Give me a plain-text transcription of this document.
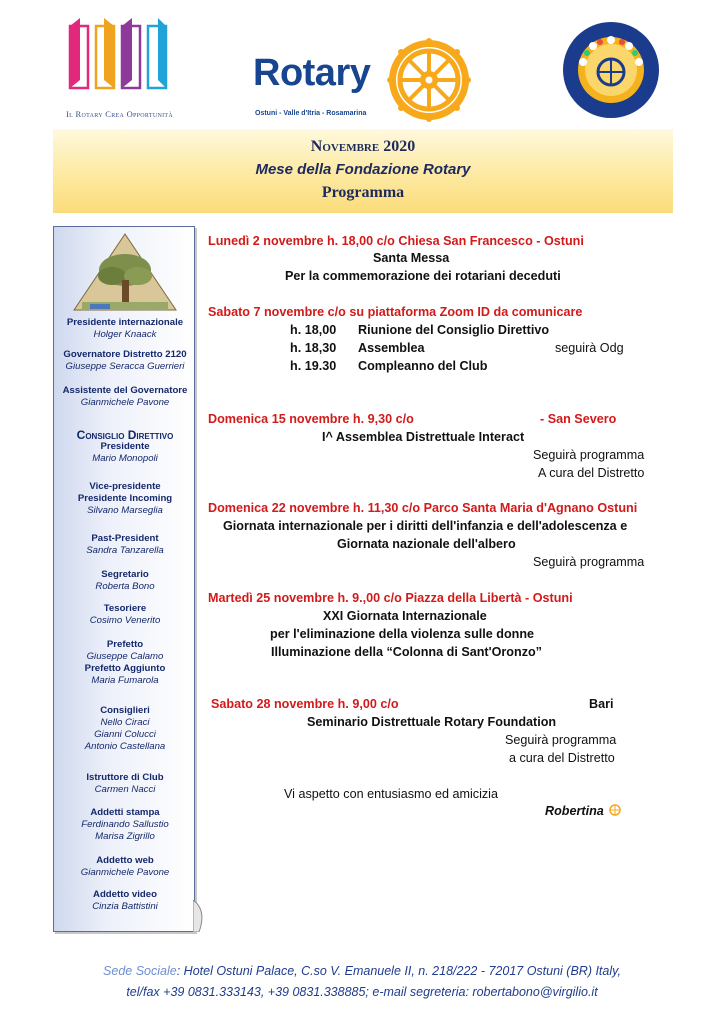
Il Rotary Crea Opportunità
Rotary
Ostuni - Valle d'Itria - Rosamarina
Novembre 2020
Mese della Fondazione Rotary
Programma
Presidente internazionale
Holger Knaack
Governatore Distretto 2120
Giuseppe Seracca Guerrieri
Assistente del Governatore
Gianmichele Pavone
Consiglio Direttivo
Presidente
Mario Monopoli
Vice-presidente
Presidente Incoming
Silvano Marseglia
Past-President
Sandra Tanzarella
Segretario
Roberta Bono
Tesoriere
Cosimo Venerito
Prefetto
Giuseppe Calamo
Prefetto Aggiunto
Maria Fumarola
Consiglieri
Nello Ciraci
Gianni Colucci
Antonio Castellana
Istruttore di Club
Carmen Nacci
Addetti stampa
Ferdinando Sallustio
Marisa Zigrillo
Addetto web
Gianmichele Pavone
Addetto video
Cinzia Battistini
Lunedì 2 novembre h. 18,00 c/o Chiesa San Francesco - Ostuni
Santa Messa
Per la commemorazione dei rotariani deceduti
Sabato 7 novembre c/o su piattaforma Zoom ID da comunicare
h. 18,00 Riunione del Consiglio Direttivo
h. 18,30 Assemblea	seguirà Odg
h. 19.30 Compleanno del Club
Domenica 15 novembre h. 9,30 c/o	- San Severo
I^ Assemblea Distrettuale Interact
Seguirà programma
A cura del Distretto
Domenica 22 novembre h. 11,30 c/o Parco Santa Maria d'Agnano Ostuni
Giornata internazionale per i diritti dell'infanzia e dell'adolescenza e
Giornata nazionale dell'albero
Seguirà programma
Martedì 25 novembre h. 9.,00 c/o Piazza della Libertà - Ostuni
XXI Giornata Internazionale
per l'eliminazione della violenza sulle donne
Illuminazione della “Colonna di Sant'Oronzo”
Sabato 28 novembre h. 9,00 c/o	Bari
Seminario Distrettuale Rotary Foundation
Seguirà programma
a cura del Distretto
Vi aspetto con entusiasmo ed amicizia
Robertina
Sede Sociale: Hotel Ostuni Palace, C.so V. Emanuele II, n. 218/222 - 72017 Ostuni (BR) Italy,
tel/fax +39 0831.333143, +39 0831.338885; e-mail segreteria: robertabono@virgilio.it
